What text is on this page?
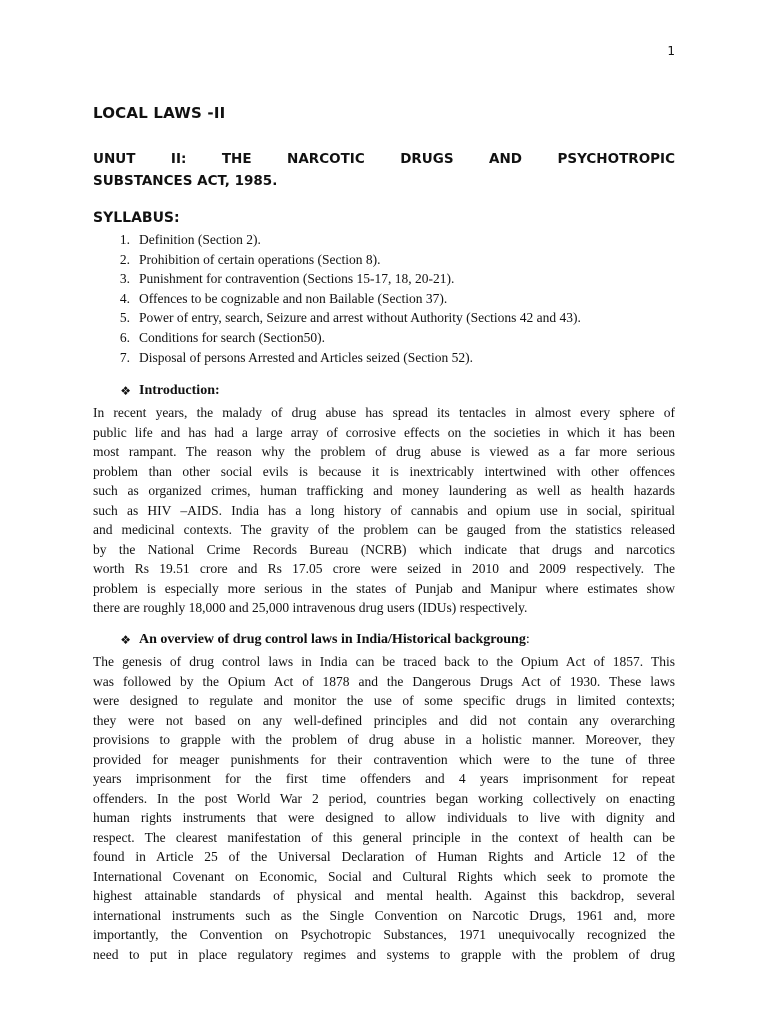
1
LOCAL LAWS -II
UNUT II: THE NARCOTIC DRUGS AND PSYCHOTROPIC
SUBSTANCES ACT, 1985.
SYLLABUS:
1. Definition (Section 2).
2. Prohibition of certain operations (Section 8).
3. Punishment for contravention (Sections 15-17, 18, 20-21).
4. Offences to be cognizable and non Bailable (Section 37).
5. Power of entry, search, Seizure and arrest without Authority (Sections 42 and 43).
6. Conditions for search (Section50).
7. Disposal of persons Arrested and Articles seized (Section 52).
❖ Introduction:

In recent years, the malady of drug abuse has spread its tentacles in almost every sphere of
public life and has had a large array of corrosive effects on the societies in which it has been
most rampant. The reason why the problem of drug abuse is viewed as a far more serious
problem than other social evils is because it is inextricably intertwined with other offences
such as organized crimes, human trafficking and money laundering as well as health hazards
such as HIV –AIDS. India has a long history of cannabis and opium use in social, spiritual
and medicinal contexts. The gravity of the problem can be gauged from the statistics released
by the National Crime Records Bureau (NCRB) which indicate that drugs and narcotics
worth Rs 19.51 crore and Rs 17.05 crore were seized in 2010 and 2009 respectively. The
problem is especially more serious in the states of Punjab and Manipur where estimates show
there are roughly 18,000 and 25,000 intravenous drug users (IDUs) respectively.

❖ An overview of drug control laws in India/Historical backgroung :

The genesis of drug control laws in India can be traced back to the Opium Act of 1857. This
was followed by the Opium Act of 1878 and the Dangerous Drugs Act of 1930. These laws
were designed to regulate and monitor the use of some specific drugs in limited contexts;
they were not based on any well-defined principles and did not contain any overarching
provisions to grapple with the problem of drug abuse in a holistic manner. Moreover, they
provided for meager punishments for their contravention which were to the tune of three
years imprisonment for the first time offenders and 4 years imprisonment for repeat
offenders. In the post World War 2 period, countries began working collectively on enacting
human rights instruments that were designed to allow individuals to live with dignity and
respect. The clearest manifestation of this general principle in the context of health can be
found in Article 25 of the Universal Declaration of Human Rights and Article 12 of the
International Covenant on Economic, Social and Cultural Rights which seek to promote the
highest attainable standards of physical and mental health. Against this backdrop, several
international instruments such as the Single Convention on Narcotic Drugs, 1961 and, more
importantly, the Convention on Psychotropic Substances, 1971 unequivocally recognized the
need to put in place regulatory regimes and systems to grapple with the problem of drug
